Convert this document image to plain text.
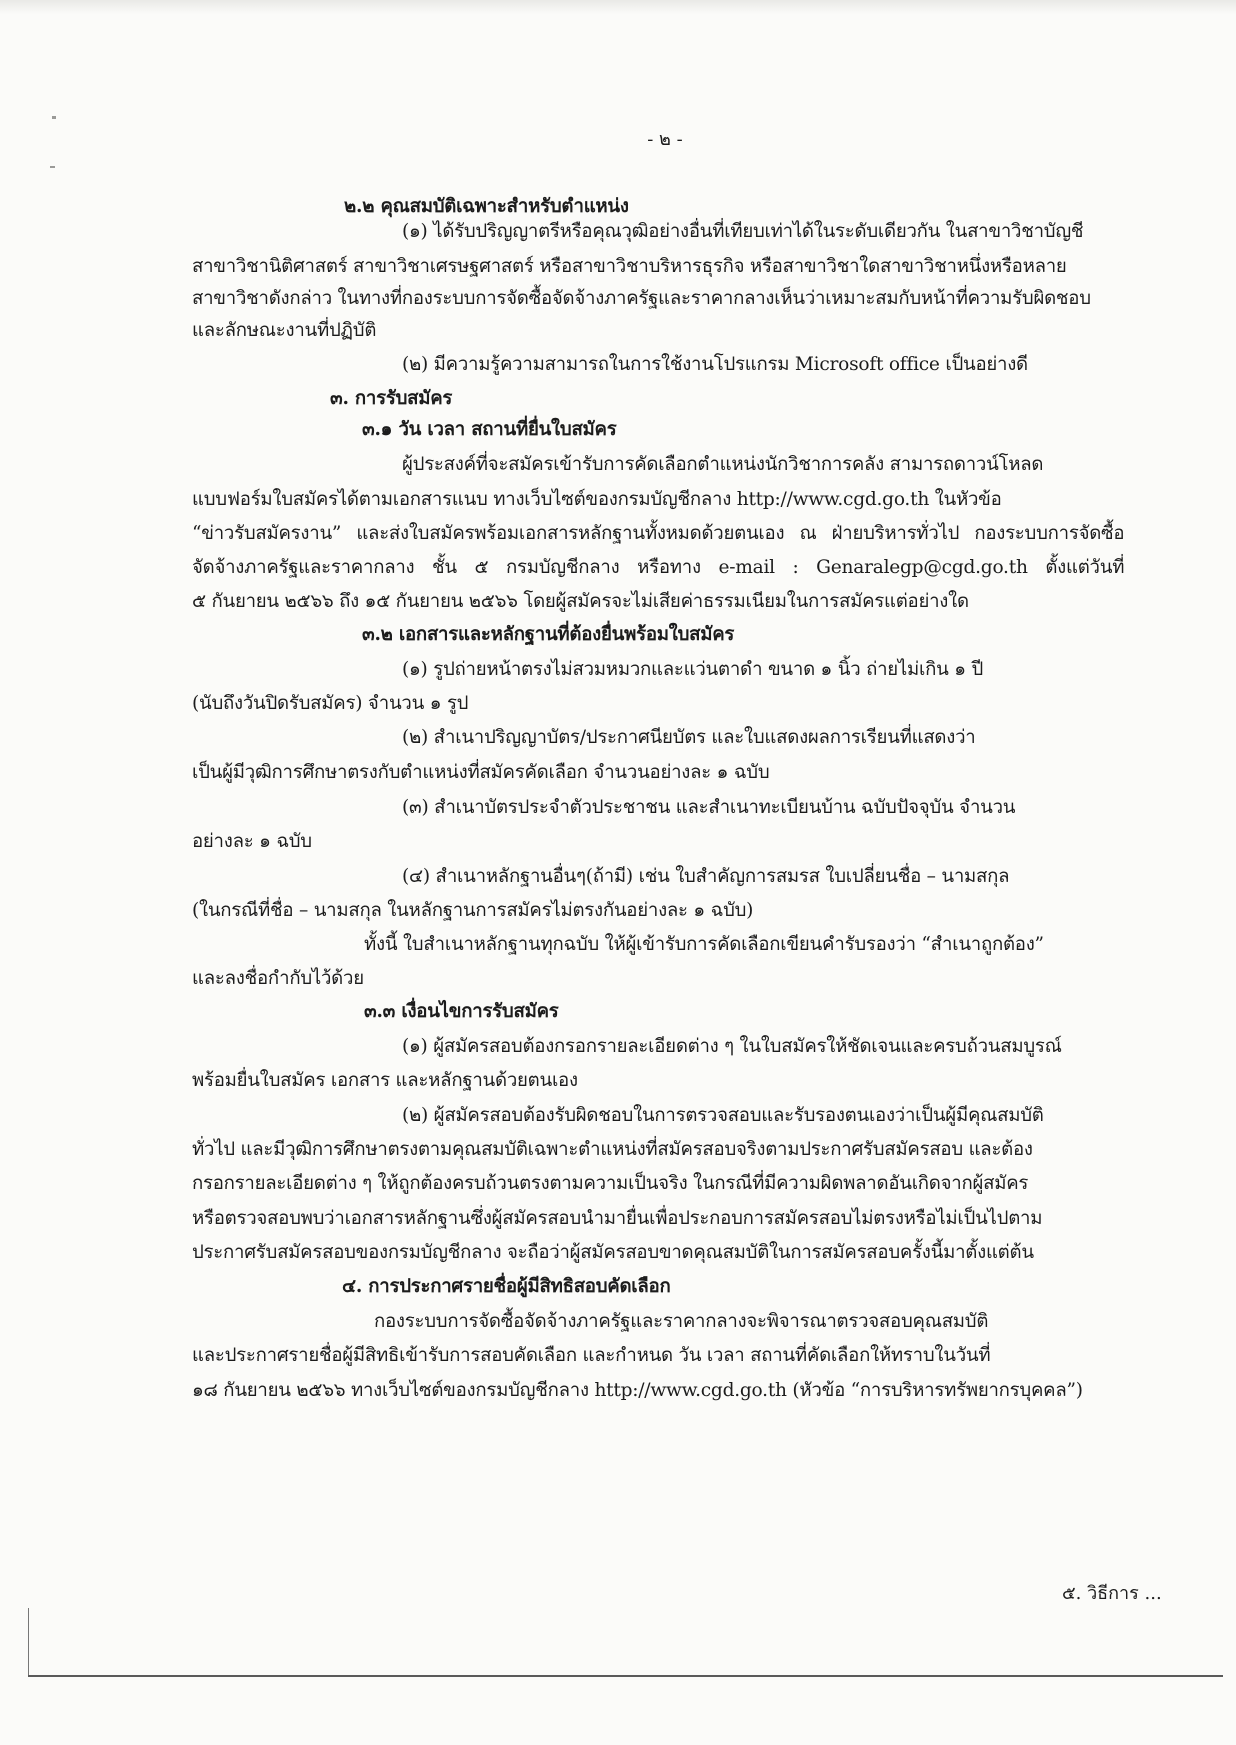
- ๒ -
๒.๒ คุณสมบัติเฉพาะสำหรับตำแหน่ง
(๑) ได้รับปริญญาตรีหรือคุณวุฒิอย่างอื่นที่เทียบเท่าได้ในระดับเดียวกัน ในสาขาวิชาบัญชี
สาขาวิชานิติศาสตร์ สาขาวิชาเศรษฐศาสตร์ หรือสาขาวิชาบริหารธุรกิจ หรือสาขาวิชาใดสาขาวิชาหนึ่งหรือหลาย
สาขาวิชาดังกล่าว ในทางที่กองระบบการจัดซื้อจัดจ้างภาครัฐและราคากลางเห็นว่าเหมาะสมกับหน้าที่ความรับผิดชอบ
และลักษณะงานที่ปฏิบัติ
(๒) มีความรู้ความสามารถในการใช้งานโปรแกรม Microsoft office เป็นอย่างดี
๓. การรับสมัคร
๓.๑ วัน เวลา สถานที่ยื่นใบสมัคร
ผู้ประสงค์ที่จะสมัครเข้ารับการคัดเลือกตำแหน่งนักวิชาการคลัง สามารถดาวน์โหลด
แบบฟอร์มใบสมัครได้ตามเอกสารแนบ ทางเว็บไซต์ของกรมบัญชีกลาง http://www.cgd.go.th ในหัวข้อ
“ข่าวรับสมัครงาน” และส่งใบสมัครพร้อมเอกสารหลักฐานทั้งหมดด้วยตนเอง ณ ฝ่ายบริหารทั่วไป กองระบบการจัดซื้อ
จัดจ้างภาครัฐและราคากลาง ชั้น ๕ กรมบัญชีกลาง หรือทาง e-mail : Genaralegp@cgd.go.th ตั้งแต่วันที่
๕ กันยายน ๒๕๖๖ ถึง ๑๕ กันยายน ๒๕๖๖ โดยผู้สมัครจะไม่เสียค่าธรรมเนียมในการสมัครแต่อย่างใด
๓.๒ เอกสารและหลักฐานที่ต้องยื่นพร้อมใบสมัคร
(๑) รูปถ่ายหน้าตรงไม่สวมหมวกและแว่นตาดำ ขนาด ๑ นิ้ว ถ่ายไม่เกิน ๑ ปี
(นับถึงวันปิดรับสมัคร) จำนวน ๑ รูป
(๒) สำเนาปริญญาบัตร/ประกาศนียบัตร และใบแสดงผลการเรียนที่แสดงว่า
เป็นผู้มีวุฒิการศึกษาตรงกับตำแหน่งที่สมัครคัดเลือก จำนวนอย่างละ ๑ ฉบับ
(๓) สำเนาบัตรประจำตัวประชาชน และสำเนาทะเบียนบ้าน ฉบับปัจจุบัน จำนวน
อย่างละ ๑ ฉบับ
(๔) สำเนาหลักฐานอื่นๆ(ถ้ามี) เช่น ใบสำคัญการสมรส ใบเปลี่ยนชื่อ – นามสกุล
(ในกรณีที่ชื่อ – นามสกุล ในหลักฐานการสมัครไม่ตรงกันอย่างละ ๑ ฉบับ)
ทั้งนี้ ใบสำเนาหลักฐานทุกฉบับ ให้ผู้เข้ารับการคัดเลือกเขียนคำรับรองว่า “สำเนาถูกต้อง”
และลงชื่อกำกับไว้ด้วย
๓.๓ เงื่อนไขการรับสมัคร
(๑) ผู้สมัครสอบต้องกรอกรายละเอียดต่าง ๆ ในใบสมัครให้ชัดเจนและครบถ้วนสมบูรณ์
พร้อมยื่นใบสมัคร เอกสาร และหลักฐานด้วยตนเอง
(๒) ผู้สมัครสอบต้องรับผิดชอบในการตรวจสอบและรับรองตนเองว่าเป็นผู้มีคุณสมบัติ
ทั่วไป และมีวุฒิการศึกษาตรงตามคุณสมบัติเฉพาะตำแหน่งที่สมัครสอบจริงตามประกาศรับสมัครสอบ และต้อง
กรอกรายละเอียดต่าง ๆ ให้ถูกต้องครบถ้วนตรงตามความเป็นจริง ในกรณีที่มีความผิดพลาดอันเกิดจากผู้สมัคร
หรือตรวจสอบพบว่าเอกสารหลักฐานซึ่งผู้สมัครสอบนำมายื่นเพื่อประกอบการสมัครสอบไม่ตรงหรือไม่เป็นไปตาม
ประกาศรับสมัครสอบของกรมบัญชีกลาง จะถือว่าผู้สมัครสอบขาดคุณสมบัติในการสมัครสอบครั้งนี้มาตั้งแต่ต้น
๔. การประกาศรายชื่อผู้มีสิทธิสอบคัดเลือก
กองระบบการจัดซื้อจัดจ้างภาครัฐและราคากลางจะพิจารณาตรวจสอบคุณสมบัติ
และประกาศรายชื่อผู้มีสิทธิเข้ารับการสอบคัดเลือก และกำหนด วัน เวลา สถานที่คัดเลือกให้ทราบในวันที่
๑๘ กันยายน ๒๕๖๖ ทางเว็บไซต์ของกรมบัญชีกลาง http://www.cgd.go.th (หัวข้อ “การบริหารทรัพยากรบุคคล”)
๕. วิธีการ ...
